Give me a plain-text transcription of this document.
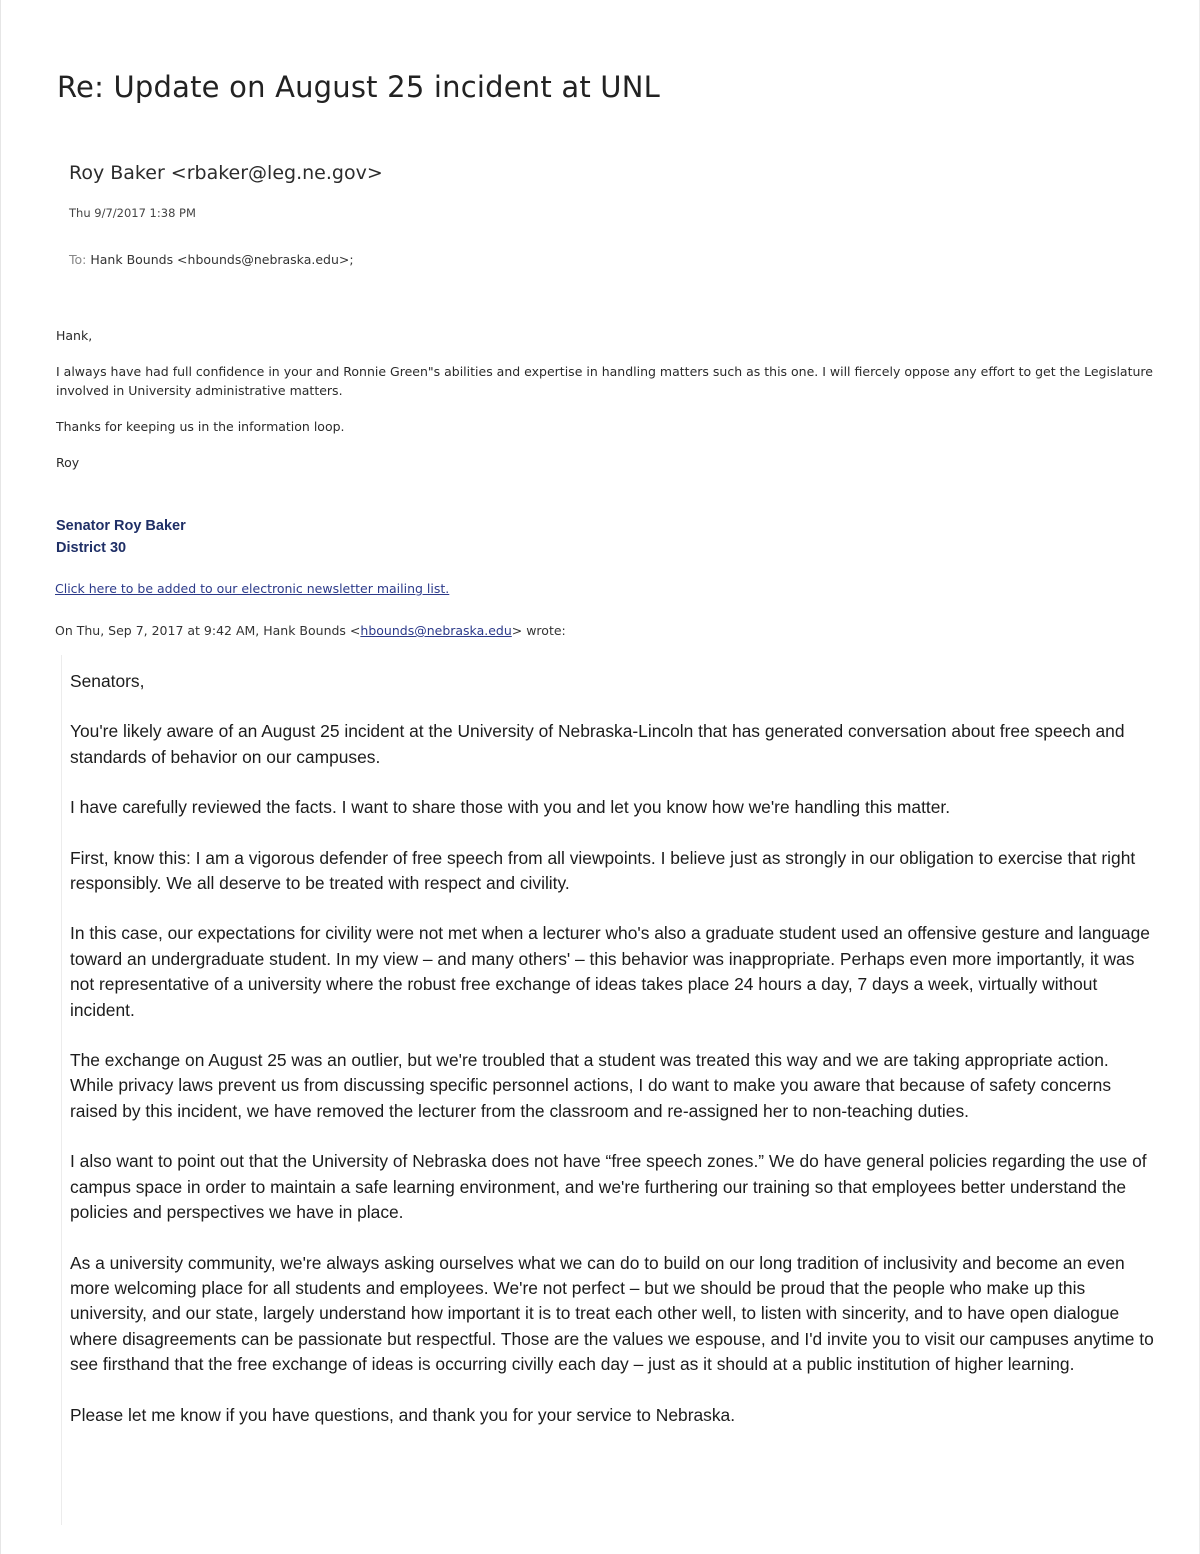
Re: Update on August 25 incident at UNL
Roy Baker <rbaker@leg.ne.gov>
Thu 9/7/2017 1:38 PM
To: Hank Bounds <hbounds@nebraska.edu>;

Hank,

I always have had full confidence in your and Ronnie Green"s abilities and expertise in handling matters such as this one. I will fiercely oppose any effort to get the Legislature involved in University administrative matters.

Thanks for keeping us in the information loop.

Roy

Senator Roy Baker
District 30
Click here to be added to our electronic newsletter mailing list.
On Thu, Sep 7, 2017 at 9:42 AM, Hank Bounds <hbounds@nebraska.edu> wrote:

Senators,

You're likely aware of an August 25 incident at the University of Nebraska-Lincoln that has generated conversation about free speech and standards of behavior on our campuses.

I have carefully reviewed the facts. I want to share those with you and let you know how we're handling this matter.

First, know this: I am a vigorous defender of free speech from all viewpoints. I believe just as strongly in our obligation to exercise that right responsibly. We all deserve to be treated with respect and civility.

In this case, our expectations for civility were not met when a lecturer who's also a graduate student used an offensive gesture and language toward an undergraduate student. In my view – and many others' – this behavior was inappropriate. Perhaps even more importantly, it was not representative of a university where the robust free exchange of ideas takes place 24 hours a day, 7 days a week, virtually without incident.

The exchange on August 25 was an outlier, but we're troubled that a student was treated this way and we are taking appropriate action. While privacy laws prevent us from discussing specific personnel actions, I do want to make you aware that because of safety concerns raised by this incident, we have removed the lecturer from the classroom and re-assigned her to non-teaching duties.

I also want to point out that the University of Nebraska does not have “free speech zones.” We do have general policies regarding the use of campus space in order to maintain a safe learning environment, and we're furthering our training so that employees better understand the policies and perspectives we have in place.

As a university community, we're always asking ourselves what we can do to build on our long tradition of inclusivity and become an even more welcoming place for all students and employees. We're not perfect – but we should be proud that the people who make up this university, and our state, largely understand how important it is to treat each other well, to listen with sincerity, and to have open dialogue where disagreements can be passionate but respectful. Those are the values we espouse, and I'd invite you to visit our campuses anytime to see firsthand that the free exchange of ideas is occurring civilly each day – just as it should at a public institution of higher learning.

Please let me know if you have questions, and thank you for your service to Nebraska.
